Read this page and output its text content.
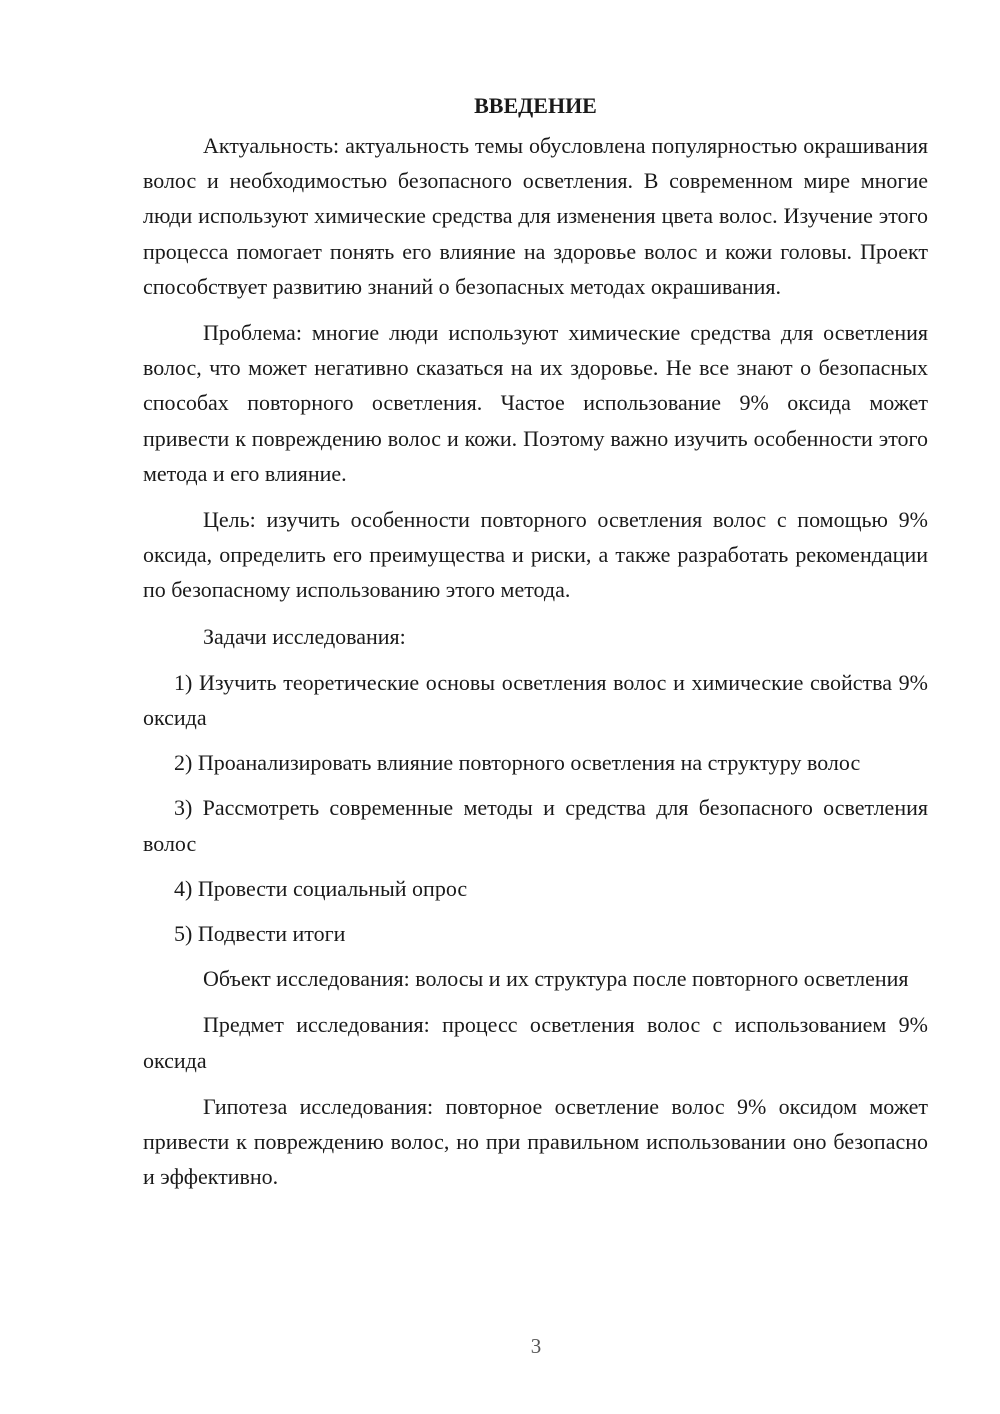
ВВЕДЕНИЕ

Актуальность: актуальность темы обусловлена популярностью окрашивания волос и необходимостью безопасного осветления. В современном мире многие люди используют химические средства для изменения цвета волос. Изучение этого процесса помогает понять его влияние на здоровье волос и кожи головы. Проект способствует развитию знаний о безопасных методах окрашивания.

Проблема: многие люди используют химические средства для осветления волос, что может негативно сказаться на их здоровье. Не все знают о безопасных способах повторного осветления. Частое использование 9% оксида может привести к повреждению волос и кожи. Поэтому важно изучить особенности этого метода и его влияние.

Цель: изучить особенности повторного осветления волос с помощью 9% оксида, определить его преимущества и риски, а также разработать рекомендации по безопасному использованию этого метода.

Задачи исследования:

1) Изучить теоретические основы осветления волос и химические свойства 9% оксида

2) Проанализировать влияние повторного осветления на структуру волос

3) Рассмотреть современные методы и средства для безопасного осветления волос

4) Провести социальный опрос

5) Подвести итоги

Объект исследования: волосы и их структура после повторного осветления

Предмет исследования: процесс осветления волос с использованием 9% оксида

Гипотеза исследования: повторное осветление волос 9% оксидом может привести к повреждению волос, но при правильном использовании оно безопасно и эффективно.

3
